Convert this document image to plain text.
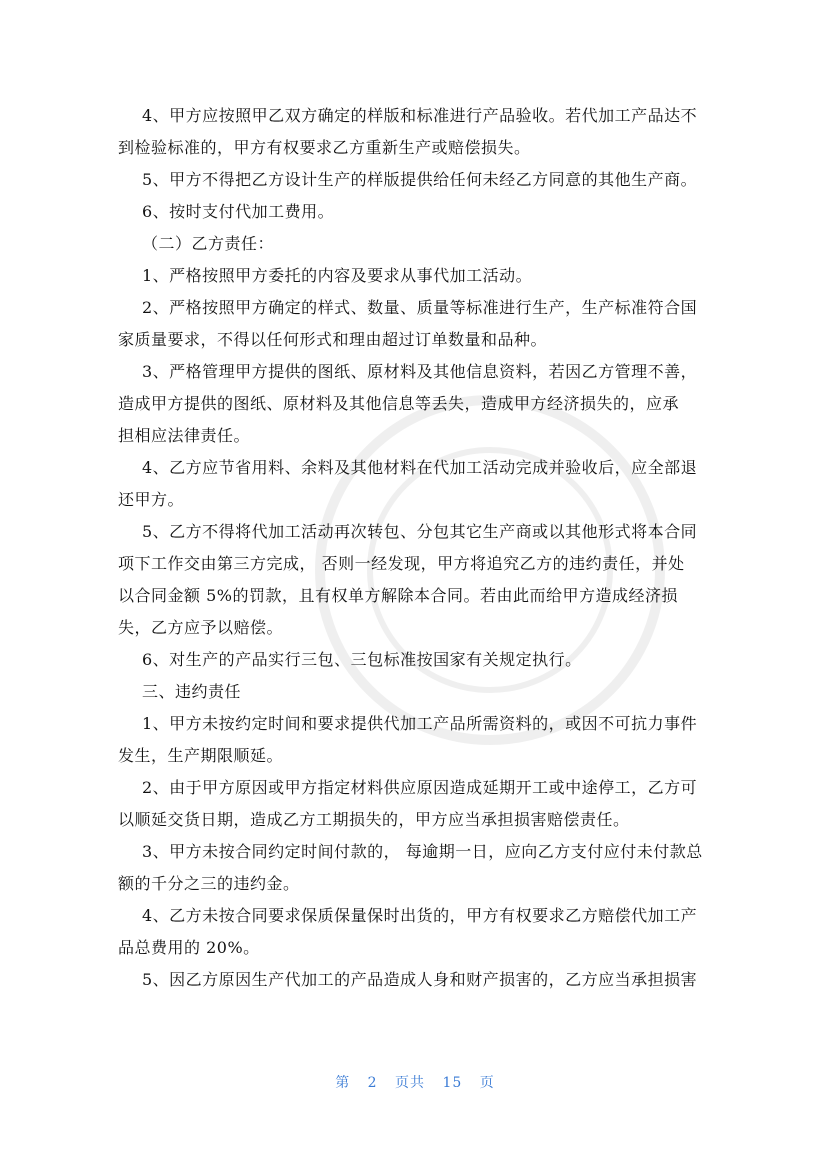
4、甲方应按照甲乙双方确定的样版和标准进行产品验收。若代加工产品达不
到检验标准的，甲方有权要求乙方重新生产或赔偿损失。
5、甲方不得把乙方设计生产的样版提供给任何未经乙方同意的其他生产商。
6、按时支付代加工费用。
（二）乙方责任：
1、严格按照甲方委托的内容及要求从事代加工活动。
2、严格按照甲方确定的样式、数量、质量等标准进行生产，生产标准符合国
家质量要求，不得以任何形式和理由超过订单数量和品种。
3、严格管理甲方提供的图纸、原材料及其他信息资料，若因乙方管理不善，
造成甲方提供的图纸、原材料及其他信息等丢失，造成甲方经济损失的，应承
担相应法律责任。
4、乙方应节省用料、余料及其他材料在代加工活动完成并验收后，应全部退
还甲方。
5、乙方不得将代加工活动再次转包、分包其它生产商或以其他形式将本合同
项下工作交由第三方完成， 否则一经发现，甲方将追究乙方的违约责任，并处
以合同金额 5%的罚款，且有权单方解除本合同。若由此而给甲方造成经济损
失，乙方应予以赔偿。
6、对生产的产品实行三包、三包标准按国家有关规定执行。
三、违约责任
1、甲方未按约定时间和要求提供代加工产品所需资料的，或因不可抗力事件
发生，生产期限顺延。
2、由于甲方原因或甲方指定材料供应原因造成延期开工或中途停工，乙方可
以顺延交货日期，造成乙方工期损失的，甲方应当承担损害赔偿责任。
3、甲方未按合同约定时间付款的， 每逾期一日，应向乙方支付应付未付款总
额的千分之三的违约金。
4、乙方未按合同要求保质保量保时出货的，甲方有权要求乙方赔偿代加工产
品总费用的 20%。
5、因乙方原因生产代加工的产品造成人身和财产损害的，乙方应当承担损害
第 2 页共 15 页
